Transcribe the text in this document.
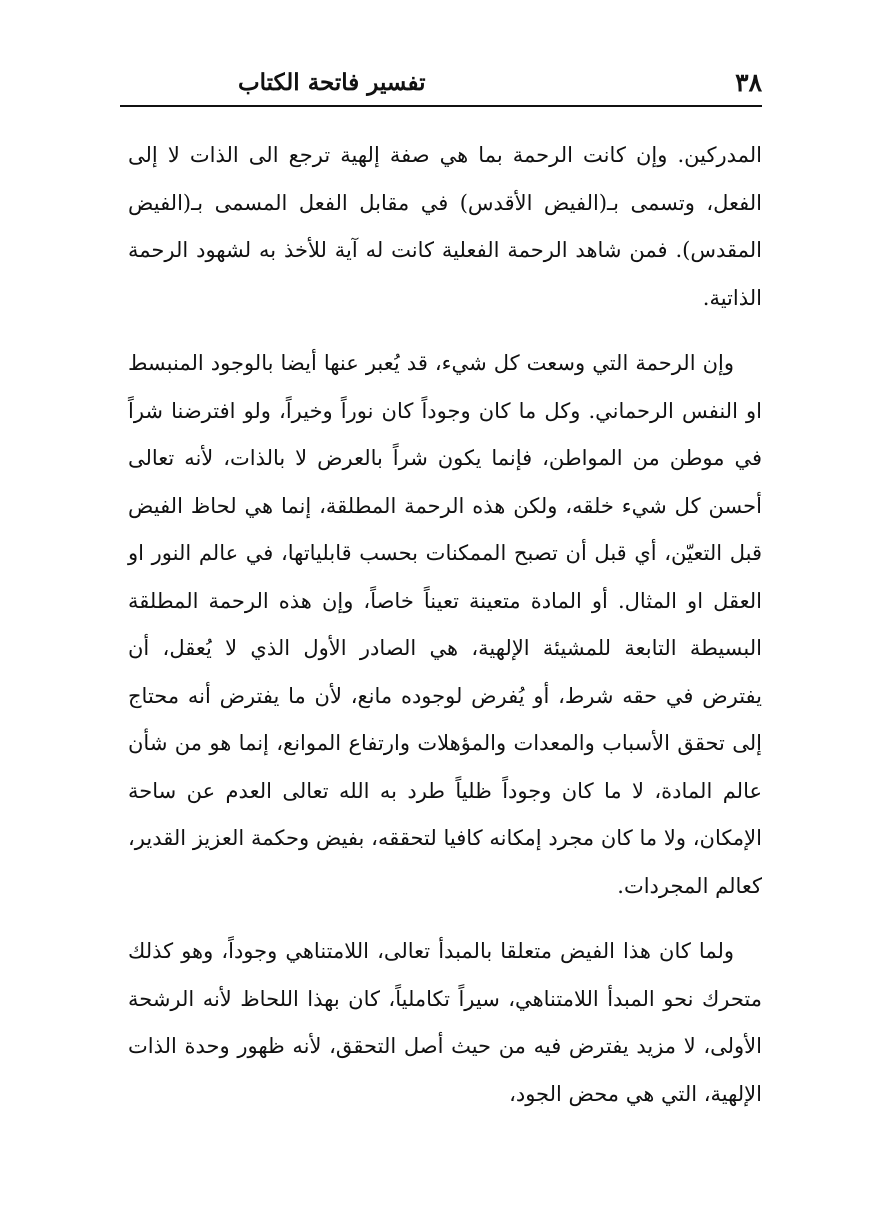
٣٨
تفسير فاتحة الكتاب

المدركين. وإن كانت الرحمة بما هي صفة إلهية ترجع الى الذات لا إلى الفعل، وتسمى بـ(الفيض الأقدس) في مقابل الفعل المسمى بـ(الفيض المقدس). فمن شاهد الرحمة الفعلية كانت له آية للأخذ به لشهود الرحمة الذاتية.

وإن الرحمة التي وسعت كل شيء، قد يُعبر عنها أيضا بالوجود المنبسط او النفس الرحماني. وكل ما كان وجوداً كان نوراً وخيراً، ولو افترضنا شراً في موطن من المواطن، فإنما يكون شراً بالعرض لا بالذات، لأنه تعالى أحسن كل شيء خلقه، ولكن هذه الرحمة المطلقة، إنما هي لحاظ الفيض قبل التعيّن، أي قبل أن تصبح الممكنات بحسب قابلياتها، في عالم النور او العقل او المثال. أو المادة متعينة تعيناً خاصاً، وإن هذه الرحمة المطلقة البسيطة التابعة للمشيئة الإلهية، هي الصادر الأول الذي لا يُعقل، أن يفترض في حقه شرط، أو يُفرض لوجوده مانع، لأن ما يفترض أنه محتاج إلى تحقق الأسباب والمعدات والمؤهلات وارتفاع الموانع، إنما هو من شأن عالم المادة، لا ما كان وجوداً ظلياً طرد به الله تعالى العدم عن ساحة الإمكان، ولا ما كان مجرد إمكانه كافيا لتحققه، بفيض وحكمة العزيز القدير، كعالم المجردات.

ولما كان هذا الفيض متعلقا بالمبدأ تعالى، اللامتناهي وجوداً، وهو كذلك متحرك نحو المبدأ اللامتناهي، سيراً تكاملياً، كان بهذا اللحاظ لأنه الرشحة الأولى، لا مزيد يفترض فيه من حيث أصل التحقق، لأنه ظهور وحدة الذات الإلهية، التي هي محض الجود،
